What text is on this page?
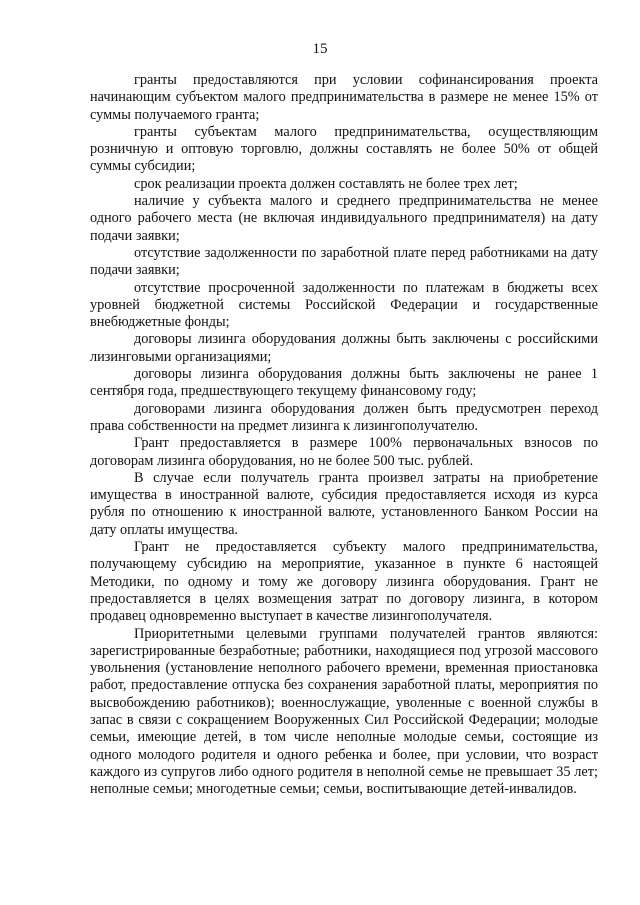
15

гранты предоставляются при условии софинансирования проекта начинающим субъектом малого предпринимательства в размере не менее 15% от суммы получаемого гранта;

гранты субъектам малого предпринимательства, осуществляющим розничную и оптовую торговлю, должны составлять не более 50% от общей суммы субсидии;

срок реализации проекта должен составлять не более трех лет;

наличие у субъекта малого и среднего предпринимательства не менее одного рабочего места (не включая индивидуального предпринимателя) на дату подачи заявки;

отсутствие задолженности по заработной плате перед работниками на дату подачи заявки;

отсутствие просроченной задолженности по платежам в бюджеты всех уровней бюджетной системы Российской Федерации и государственные внебюджетные фонды;

договоры лизинга оборудования должны быть заключены с российскими лизинговыми организациями;

договоры лизинга оборудования должны быть заключены не ранее 1 сентября года, предшествующего текущему финансовому году;

договорами лизинга оборудования должен быть предусмотрен переход права собственности на предмет лизинга к лизингополучателю.

Грант предоставляется в размере 100% первоначальных взносов по договорам лизинга оборудования, но не более 500 тыс. рублей.

В случае если получатель гранта произвел затраты на приобретение имущества в иностранной валюте, субсидия предоставляется исходя из курса рубля по отношению к иностранной валюте, установленного Банком России на дату оплаты имущества.

Грант не предоставляется субъекту малого предпринимательства, получающему субсидию на мероприятие, указанное в пункте 6 настоящей Методики, по одному и тому же договору лизинга оборудования. Грант не предоставляется в целях возмещения затрат по договору лизинга, в котором продавец одновременно выступает в качестве лизингополучателя.

Приоритетными целевыми группами получателей грантов являются: зарегистрированные безработные; работники, находящиеся под угрозой массового увольнения (установление неполного рабочего времени, временная приостановка работ, предоставление отпуска без сохранения заработной платы, мероприятия по высвобождению работников); военнослужащие, уволенные с военной службы в запас в связи с сокращением Вооруженных Сил Российской Федерации; молодые семьи, имеющие детей, в том числе неполные молодые семьи, состоящие из одного молодого родителя и одного ребенка и более, при условии, что возраст каждого из супругов либо одного родителя в неполной семье не превышает 35 лет; неполные семьи; многодетные семьи; семьи, воспитывающие детей-инвалидов.
